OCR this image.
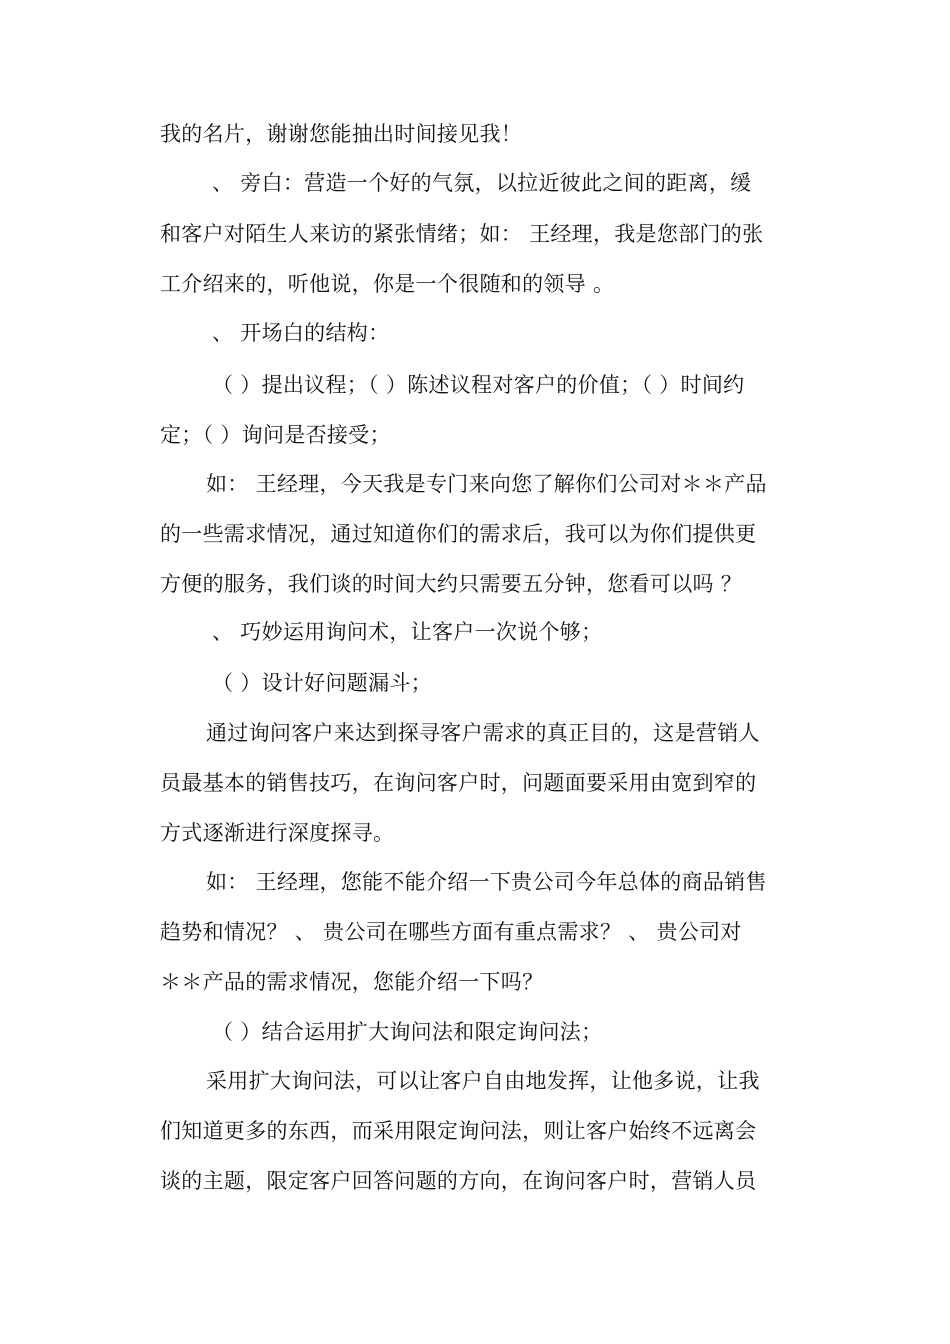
我的名片，谢谢您能抽出时间接见我！
、 旁白：营造一个好的气氛，以拉近彼此之间的距离，缓
和客户对陌生人来访的紧张情绪；如： 王经理，我是您部门的张
工介绍来的，听他说，你是一个很随和的领导 。
、 开场白的结构：
（ ）提出议程；（ ）陈述议程对客户的价值；（ ）时间约
定；（ ）询问是否接受；
如： 王经理，今天我是专门来向您了解你们公司对＊＊产品
的一些需求情况，通过知道你们的需求后，我可以为你们提供更
方便的服务，我们谈的时间大约只需要五分钟，您看可以吗 ？
、 巧妙运用询问术，让客户一次说个够；
（ ）设计好问题漏斗；
通过询问客户来达到探寻客户需求的真正目的，这是营销人
员最基本的销售技巧，在询问客户时，问题面要采用由宽到窄的
方式逐渐进行深度探寻。
如： 王经理，您能不能介绍一下贵公司今年总体的商品销售
趋势和情况？ 、 贵公司在哪些方面有重点需求？ 、 贵公司对
＊＊产品的需求情况，您能介绍一下吗？
（ ）结合运用扩大询问法和限定询问法；
采用扩大询问法，可以让客户自由地发挥，让他多说，让我
们知道更多的东西，而采用限定询问法，则让客户始终不远离会
谈的主题，限定客户回答问题的方向，在询问客户时，营销人员
